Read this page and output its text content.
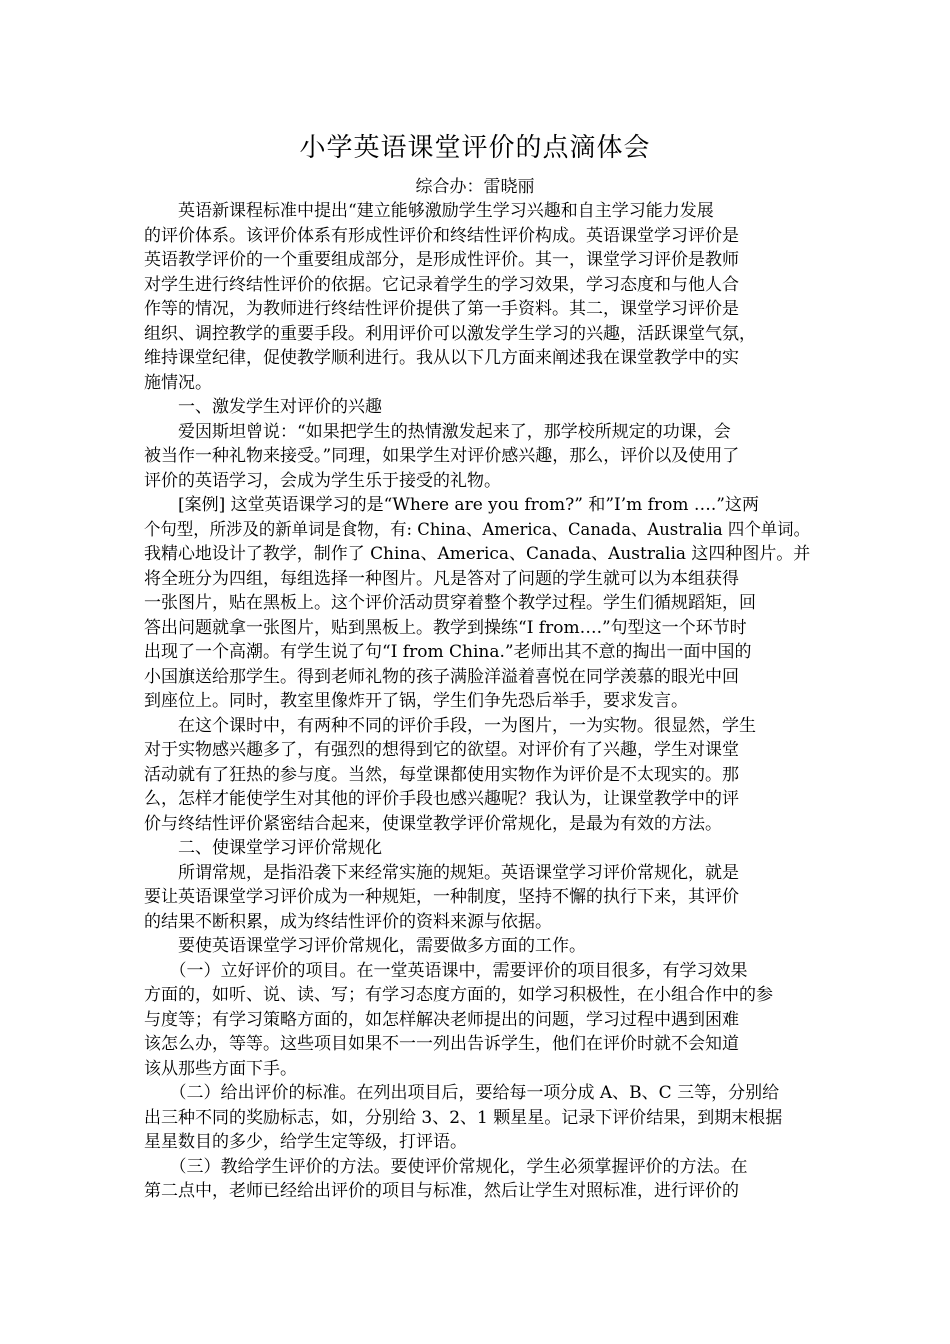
小学英语课堂评价的点滴体会
综合办：雷晓丽
　　英语新课程标准中提出“建立能够激励学生学习兴趣和自主学习能力发展
的评价体系。该评价体系有形成性评价和终结性评价构成。英语课堂学习评价是
英语教学评价的一个重要组成部分，是形成性评价。其一，课堂学习评价是教师
对学生进行终结性评价的依据。它记录着学生的学习效果，学习态度和与他人合
作等的情况，为教师进行终结性评价提供了第一手资料。其二，课堂学习评价是
组织、调控教学的重要手段。利用评价可以激发学生学习的兴趣，活跃课堂气氛，
维持课堂纪律，促使教学顺利进行。我从以下几方面来阐述我在课堂教学中的实
施情况。
　　一、激发学生对评价的兴趣
　　爱因斯坦曾说：“如果把学生的热情激发起来了，那学校所规定的功课，会
被当作一种礼物来接受。”同理，如果学生对评价感兴趣，那么，评价以及使用了
评价的英语学习，会成为学生乐于接受的礼物。
　　[案例] 这堂英语课学习的是“Where are you from?” 和”I’m from ….”这两
个句型，所涉及的新单词是食物，有: China、America、Canada、Australia 四个单词。
我精心地设计了教学，制作了 China、America、Canada、Australia 这四种图片。并
将全班分为四组，每组选择一种图片。凡是答对了问题的学生就可以为本组获得
一张图片，贴在黑板上。这个评价活动贯穿着整个教学过程。学生们循规蹈矩，回
答出问题就拿一张图片，贴到黑板上。教学到操练“I from….”句型这一个环节时
出现了一个高潮。有学生说了句“I from China.”老师出其不意的掏出一面中国的
小国旗送给那学生。得到老师礼物的孩子满脸洋溢着喜悦在同学羡慕的眼光中回
到座位上。同时，教室里像炸开了锅，学生们争先恐后举手，要求发言。
　　在这个课时中，有两种不同的评价手段，一为图片，一为实物。很显然，学生
对于实物感兴趣多了，有强烈的想得到它的欲望。对评价有了兴趣，学生对课堂
活动就有了狂热的参与度。当然，每堂课都使用实物作为评价是不太现实的。那
么，怎样才能使学生对其他的评价手段也感兴趣呢？我认为，让课堂教学中的评
价与终结性评价紧密结合起来，使课堂教学评价常规化，是最为有效的方法。
　　二、使课堂学习评价常规化
　　所谓常规，是指沿袭下来经常实施的规矩。英语课堂学习评价常规化，就是
要让英语课堂学习评价成为一种规矩，一种制度，坚持不懈的执行下来，其评价
的结果不断积累，成为终结性评价的资料来源与依据。
　　要使英语课堂学习评价常规化，需要做多方面的工作。
　　（一）立好评价的项目。在一堂英语课中，需要评价的项目很多，有学习效果
方面的，如听、说、读、写；有学习态度方面的，如学习积极性，在小组合作中的参
与度等；有学习策略方面的，如怎样解决老师提出的问题，学习过程中遇到困难
该怎么办，等等。这些项目如果不一一列出告诉学生，他们在评价时就不会知道
该从那些方面下手。
　　（二）给出评价的标准。在列出项目后，要给每一项分成 A、B、C 三等，分别给
出三种不同的奖励标志，如，分别给 3、2、1 颗星星。记录下评价结果，到期末根据
星星数目的多少，给学生定等级，打评语。
　　（三）教给学生评价的方法。要使评价常规化，学生必须掌握评价的方法。在
第二点中，老师已经给出评价的项目与标准，然后让学生对照标准，进行评价的
